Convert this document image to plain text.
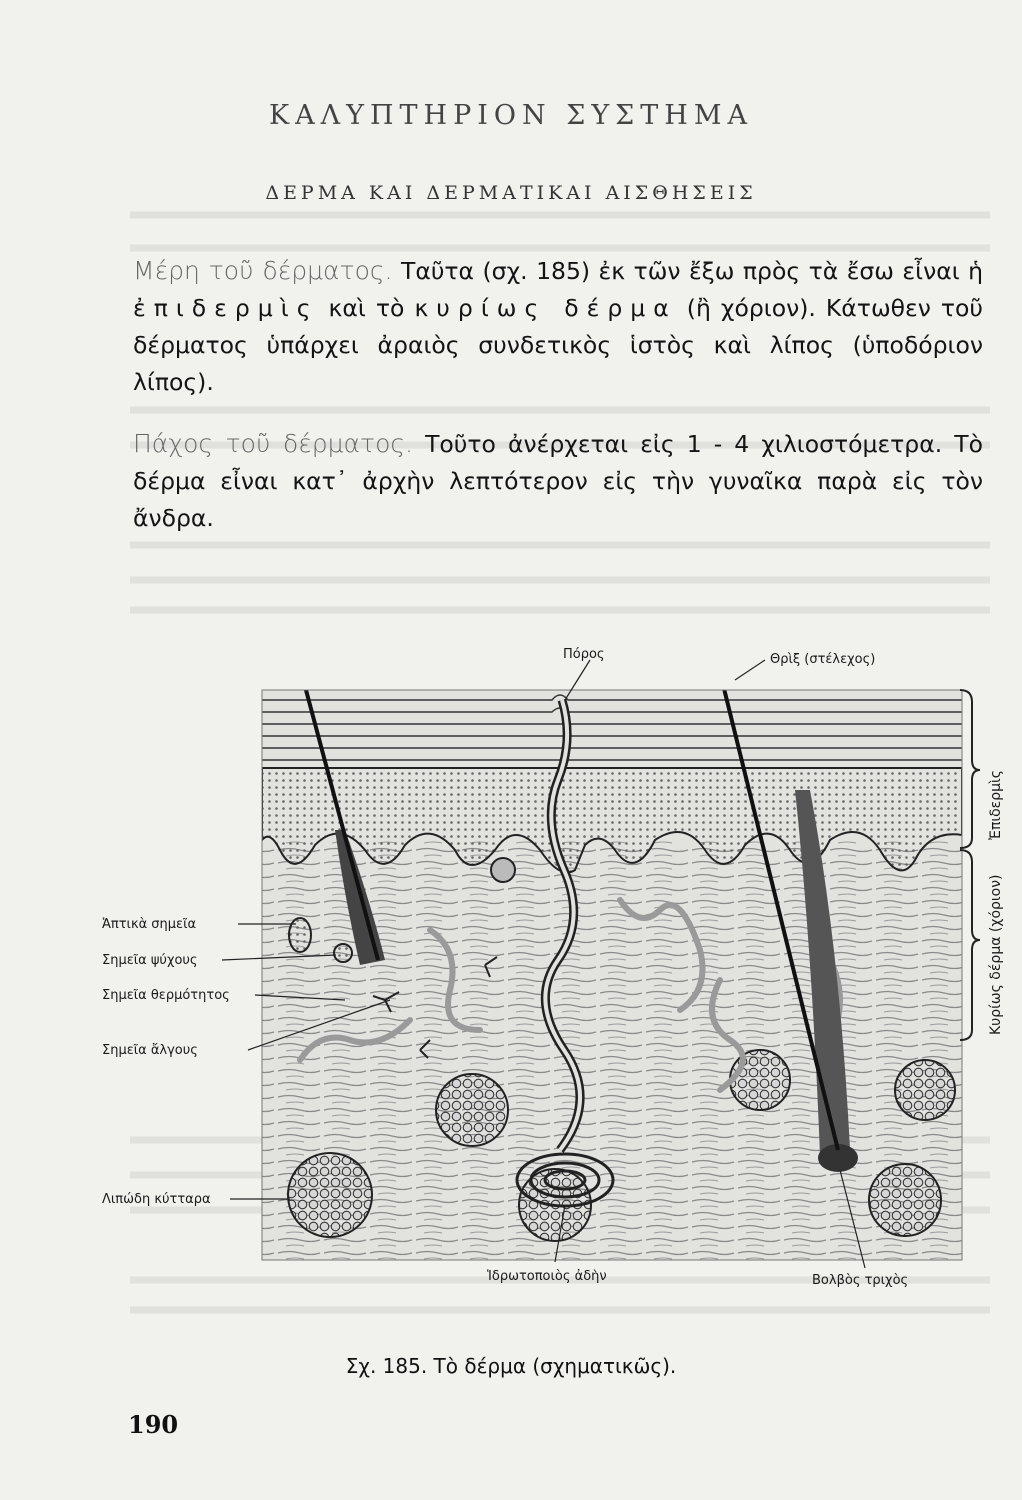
ΚΑΛΥΠΤΗΡΙΟΝ ΣΥΣΤΗΜΑ
ΔΕΡΜΑ ΚΑΙ ΔΕΡΜΑΤΙΚΑΙ ΑΙΣΘΗΣΕΙΣ
Μέρη τοῦ δέρματος. Ταῦτα (σχ. 185) ἐκ τῶν ἔξω πρὸς τὰ ἔσω εἶναι ἡ ἐπιδερμὶς καὶ τὸ κυρίως δέρμα (ἢ χόριον). Κάτωθεν τοῦ δέρματος ὑπάρχει ἀραιὸς συνδετικὸς ἱστὸς καὶ λίπος (ὑποδόριον λίπος).
Πάχος τοῦ δέρματος. Τοῦτο ἀνέρχεται εἰς 1 - 4 χιλιοστόμετρα. Τὸ δέρμα εἶναι κατ᾽ ἀρχὴν λεπτότερον εἰς τὴν γυναῖκα παρὰ εἰς τὸν ἄνδρα.
Πόρος	Θρὶξ (στέλεχος)
Ἁπτικὰ σημεῖα
Σημεῖα ψύχους
Σημεῖα θερμότητος
Σημεῖα ἄλγους
Λιπώδη κύτταρα
Ἱδρωτοποιὸς ἀδὴν	Βολβὸς τριχὸς
Ἐπιδερμὶς
Κυρίως δέρμα (χόριον)
Σχ. 185. Τὸ δέρμα (σχηματικῶς).
190
